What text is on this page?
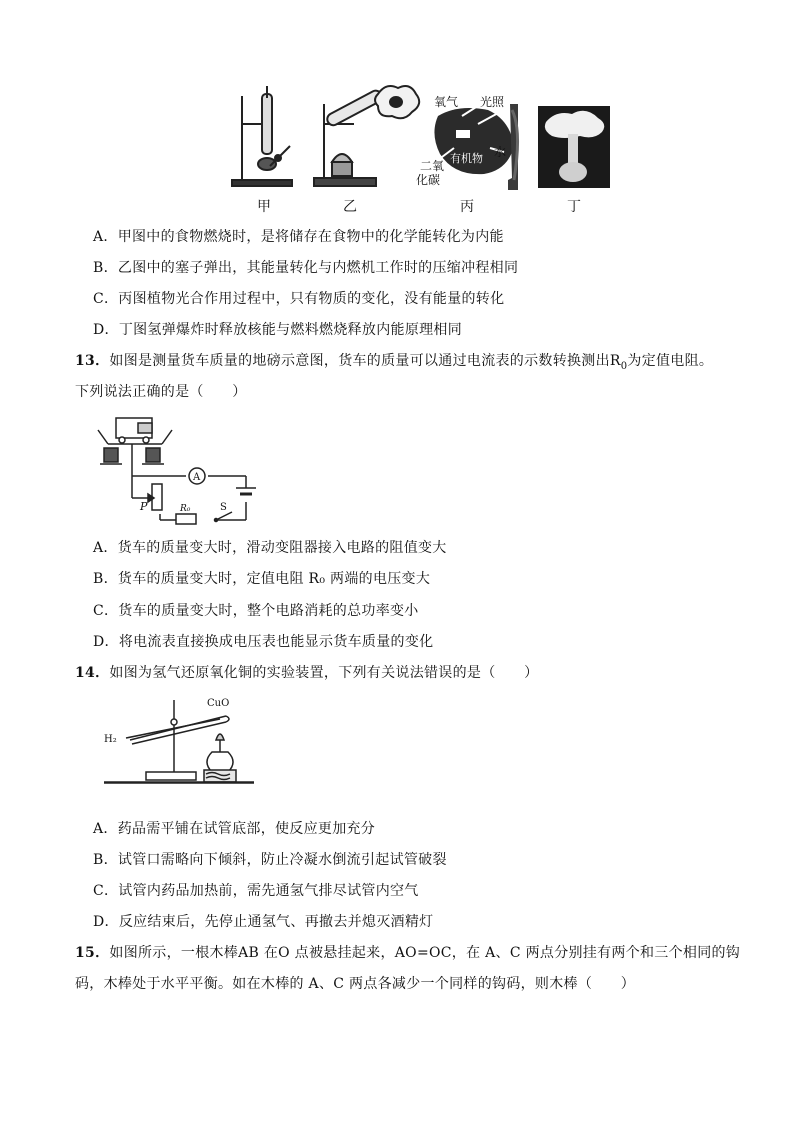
氧气 光照
二氧
化碳
有机物 水
甲	乙	丙	丁
A．甲图中的食物燃烧时，是将储存在食物中的化学能转化为内能
B．乙图中的塞子弹出，其能量转化与内燃机工作时的压缩冲程相同
C．丙图植物光合作用过程中，只有物质的变化，没有能量的转化
D．丁图氢弹爆炸时释放核能与燃料燃烧释放内能原理相同
13．如图是测量货车质量的地磅示意图，货车的质量可以通过电流表的示数转换测出$R_0$为定值电阻。
下列说法正确的是（　　）
A
P	R₀	S
A．货车的质量变大时，滑动变阻器接入电路的阻值变大
B．货车的质量变大时，定值电阻 R₀ 两端的电压变大
C．货车的质量变大时，整个电路消耗的总功率变小
D．将电流表直接换成电压表也能显示货车质量的变化
14．如图为氢气还原氧化铜的实验装置，下列有关说法错误的是（　　）
CuO
H₂
A．药品需平铺在试管底部，使反应更加充分
B．试管口需略向下倾斜，防止冷凝水倒流引起试管破裂
C．试管内药品加热前，需先通氢气排尽试管内空气
D．反应结束后，先停止通氢气、再撤去并熄灭酒精灯
15．如图所示，一根木棒AB 在O 点被悬挂起来，AO=OC，在 A、C 两点分别挂有两个和三个相同的钩
码，木棒处于水平平衡。如在木棒的 A、C 两点各减少一个同样的钩码，则木棒（　　）
